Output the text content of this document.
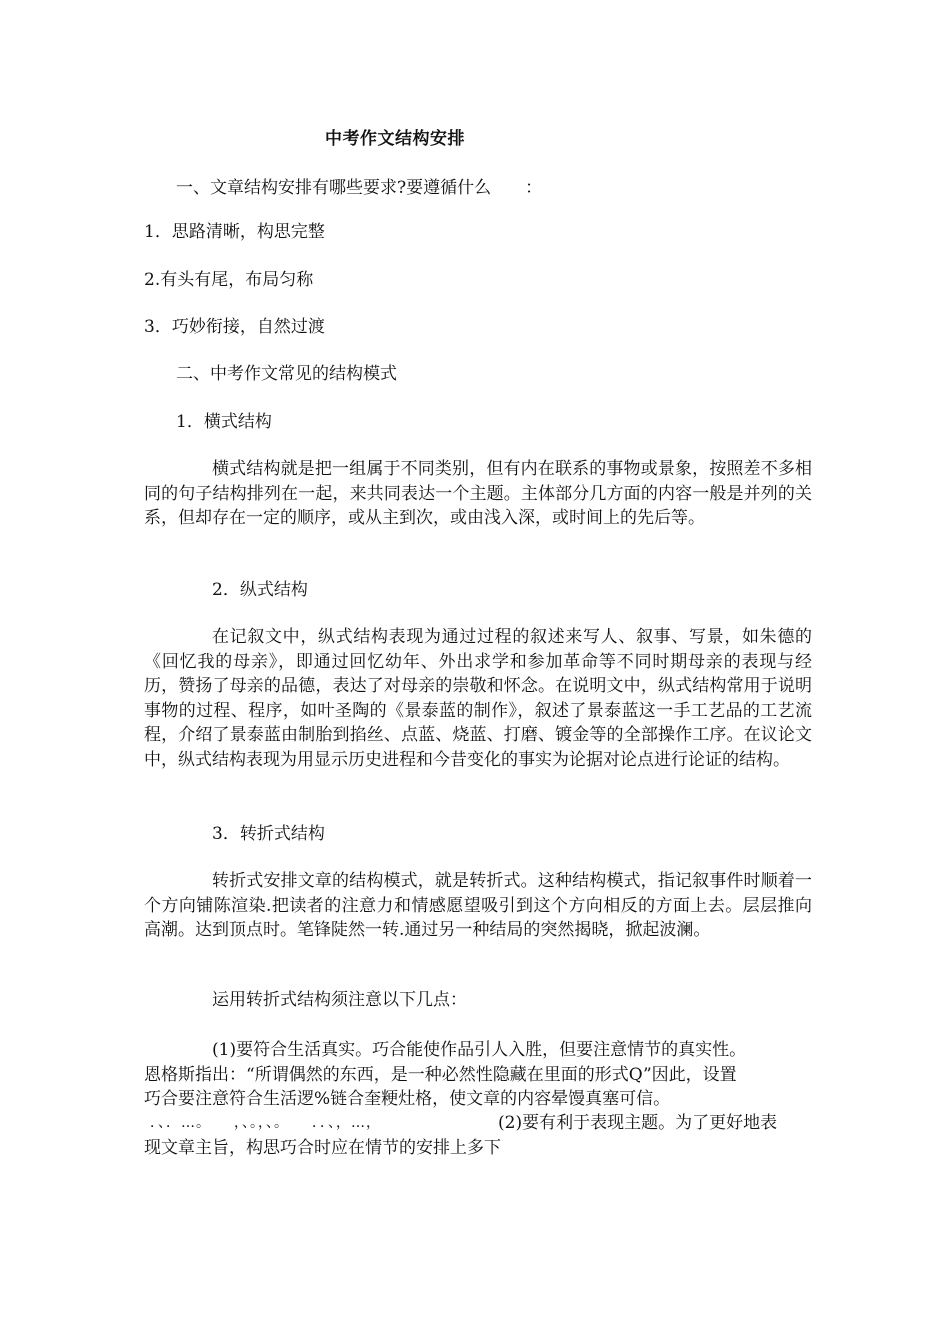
中考作文结构安排
一、文章结构安排有哪些要求?要遵循什么　　：
1．思路清晰，构思完整
2.有头有尾，布局匀称
3．巧妙衔接，自然过渡
二、中考作文常见的结构模式
1．横式结构
横式结构就是把一组属于不同类别，但有内在联系的事物或景象，按照差不多相同的句子结构排列在一起，来共同表达一个主题。主体部分几方面的内容一般是并列的关系，但却存在一定的顺序，或从主到次，或由浅入深，或时间上的先后等。
2．纵式结构
在记叙文中，纵式结构表现为通过过程的叙述来写人、叙事、写景，如朱德的《回忆我的母亲》，即通过回忆幼年、外出求学和参加革命等不同时期母亲的表现与经历，赞扬了母亲的品德，表达了对母亲的崇敬和怀念。在说明文中，纵式结构常用于说明事物的过程、程序，如叶圣陶的《景泰蓝的制作》，叙述了景泰蓝这一手工艺品的工艺流程，介绍了景泰蓝由制胎到掐丝、点蓝、烧蓝、打磨、镀金等的全部操作工序。在议论文中，纵式结构表现为用显示历史进程和今昔变化的事实为论据对论点进行论证的结构。
3．转折式结构
转折式安排文章的结构模式，就是转折式。这种结构模式，指记叙事件时顺着一个方向铺陈渲染.把读者的注意力和情感愿望吸引到这个方向相反的方面上去。层层推向高潮。达到顶点时。笔锋陡然一转.通过另一种结局的突然揭晓，掀起波澜。
运用转折式结构须注意以下几点：
(1)要符合生活真实。巧合能使作品引人入胜，但要注意情节的真实性。
恩格斯指出：“所谓偶然的东西，是一种必然性隐藏在里面的形式Q”因此，设置
巧合要注意符合生活逻%链合奎粳灶格，使文章的内容晕馒真塞可信。
．、．…。　　，、。，、。　　．．、，…，	(2)要有利于表现主题。为了更好地表
现文章主旨，构思巧合时应在情节的安排上多下
